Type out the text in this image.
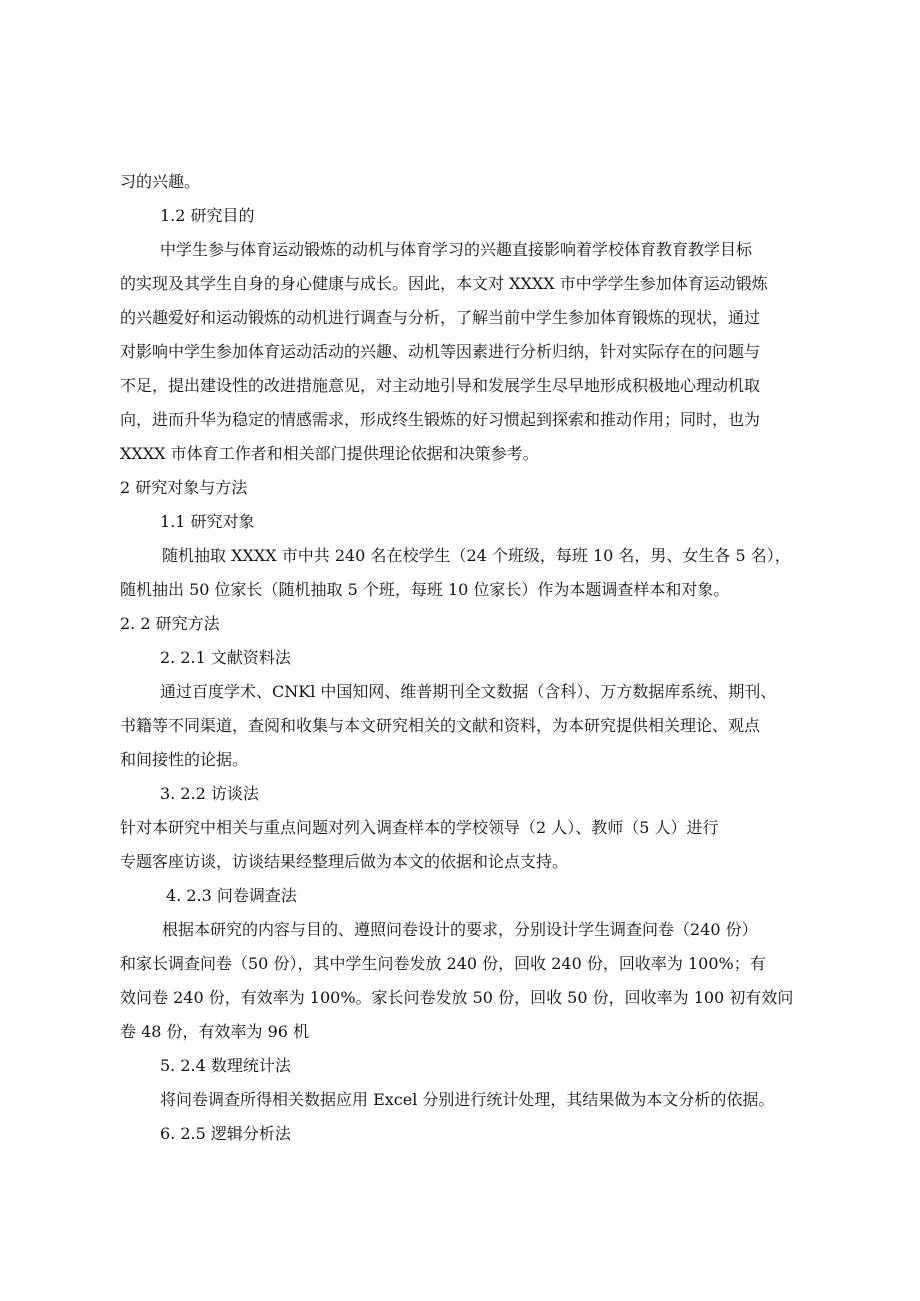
习的兴趣。
1.2 研究目的
中学生参与体育运动锻炼的动机与体育学习的兴趣直接影响着学校体育教育教学目标
的实现及其学生自身的身心健康与成长。因此，本文对 XXXX 市中学学生参加体育运动锻炼
的兴趣爱好和运动锻炼的动机进行调查与分析，了解当前中学生参加体育锻炼的现状，通过
对影响中学生参加体育运动活动的兴趣、动机等因素进行分析归纳，针对实际存在的问题与
不足，提出建设性的改进措施意见，对主动地引导和发展学生尽早地形成积极地心理动机取
向，进而升华为稳定的情感需求，形成终生锻炼的好习惯起到探索和推动作用；同时，也为
XXXX 市体育工作者和相关部门提供理论依据和决策参考。
2 研究对象与方法
1.1 研究对象
随机抽取 XXXX 市中共 240 名在校学生（24 个班级，每班 10 名，男、女生各 5 名），
随机抽出 50 位家长（随机抽取 5 个班，每班 10 位家长）作为本题调查样本和对象。
2. 2 研究方法
2. 2.1 文献资料法
通过百度学术、CNKl 中国知网、维普期刊全文数据（含科）、万方数据库系统、期刊、
书籍等不同渠道，查阅和收集与本文研究相关的文献和资料，为本研究提供相关理论、观点
和间接性的论据。
3. 2.2 访谈法
针对本研究中相关与重点问题对列入调查样本的学校领导（2 人）、教师（5 人）进行
专题客座访谈，访谈结果经整理后做为本文的依据和论点支持。
4. 2.3 问卷调查法
根据本研究的内容与目的、遵照问卷设计的要求，分别设计学生调查问卷（240 份）
和家长调查问卷（50 份），其中学生问卷发放 240 份，回收 240 份，回收率为 100%；有
效问卷 240 份，有效率为 100%。家长问卷发放 50 份，回收 50 份，回收率为 100 初有效问
卷 48 份，有效率为 96 机
5. 2.4 数理统计法
将问卷调查所得相关数据应用 Excel 分别进行统计处理，其结果做为本文分析的依据。
6. 2.5 逻辑分析法
